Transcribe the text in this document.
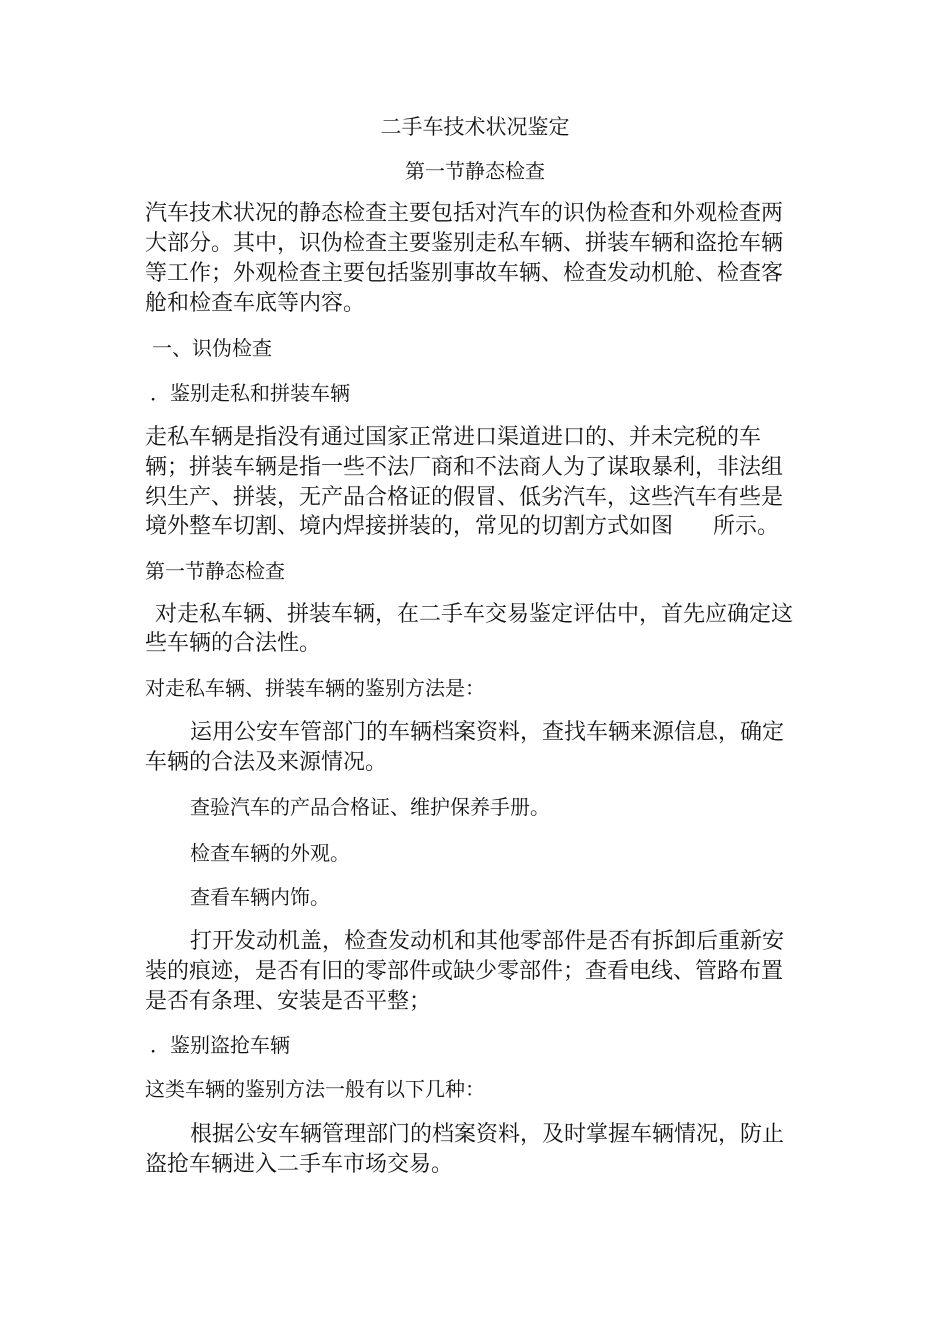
二手车技术状况鉴定

第一节静态检查

汽车技术状况的静态检查主要包括对汽车的识伪检查和外观检查两

大部分。其中，识伪检查主要鉴别走私车辆、拼装车辆和盗抢车辆

等工作；外观检查主要包括鉴别事故车辆、检查发动机舱、检查客

舱和检查车底等内容。

一、识伪检查

．鉴别走私和拼装车辆

走私车辆是指没有通过国家正常进口渠道进口的、并未完税的车

辆；拼装车辆是指一些不法厂商和不法商人为了谋取暴利，非法组

织生产、拼装，无产品合格证的假冒、低劣汽车，这些汽车有些是

境外整车切割、境内焊接拼装的，常见的切割方式如图 所示。

第一节静态检查

对走私车辆、拼装车辆，在二手车交易鉴定评估中，首先应确定这

些车辆的合法性。

对走私车辆、拼装车辆的鉴别方法是：

运用公安车管部门的车辆档案资料，查找车辆来源信息，确定

车辆的合法及来源情况。

查验汽车的产品合格证、维护保养手册。

检查车辆的外观。

查看车辆内饰。

打开发动机盖，检查发动机和其他零部件是否有拆卸后重新安

装的痕迹，是否有旧的零部件或缺少零部件；查看电线、管路布置

是否有条理、安装是否平整；

．鉴别盗抢车辆

这类车辆的鉴别方法一般有以下几种：

根据公安车辆管理部门的档案资料，及时掌握车辆情况，防止

盗抢车辆进入二手车市场交易。
